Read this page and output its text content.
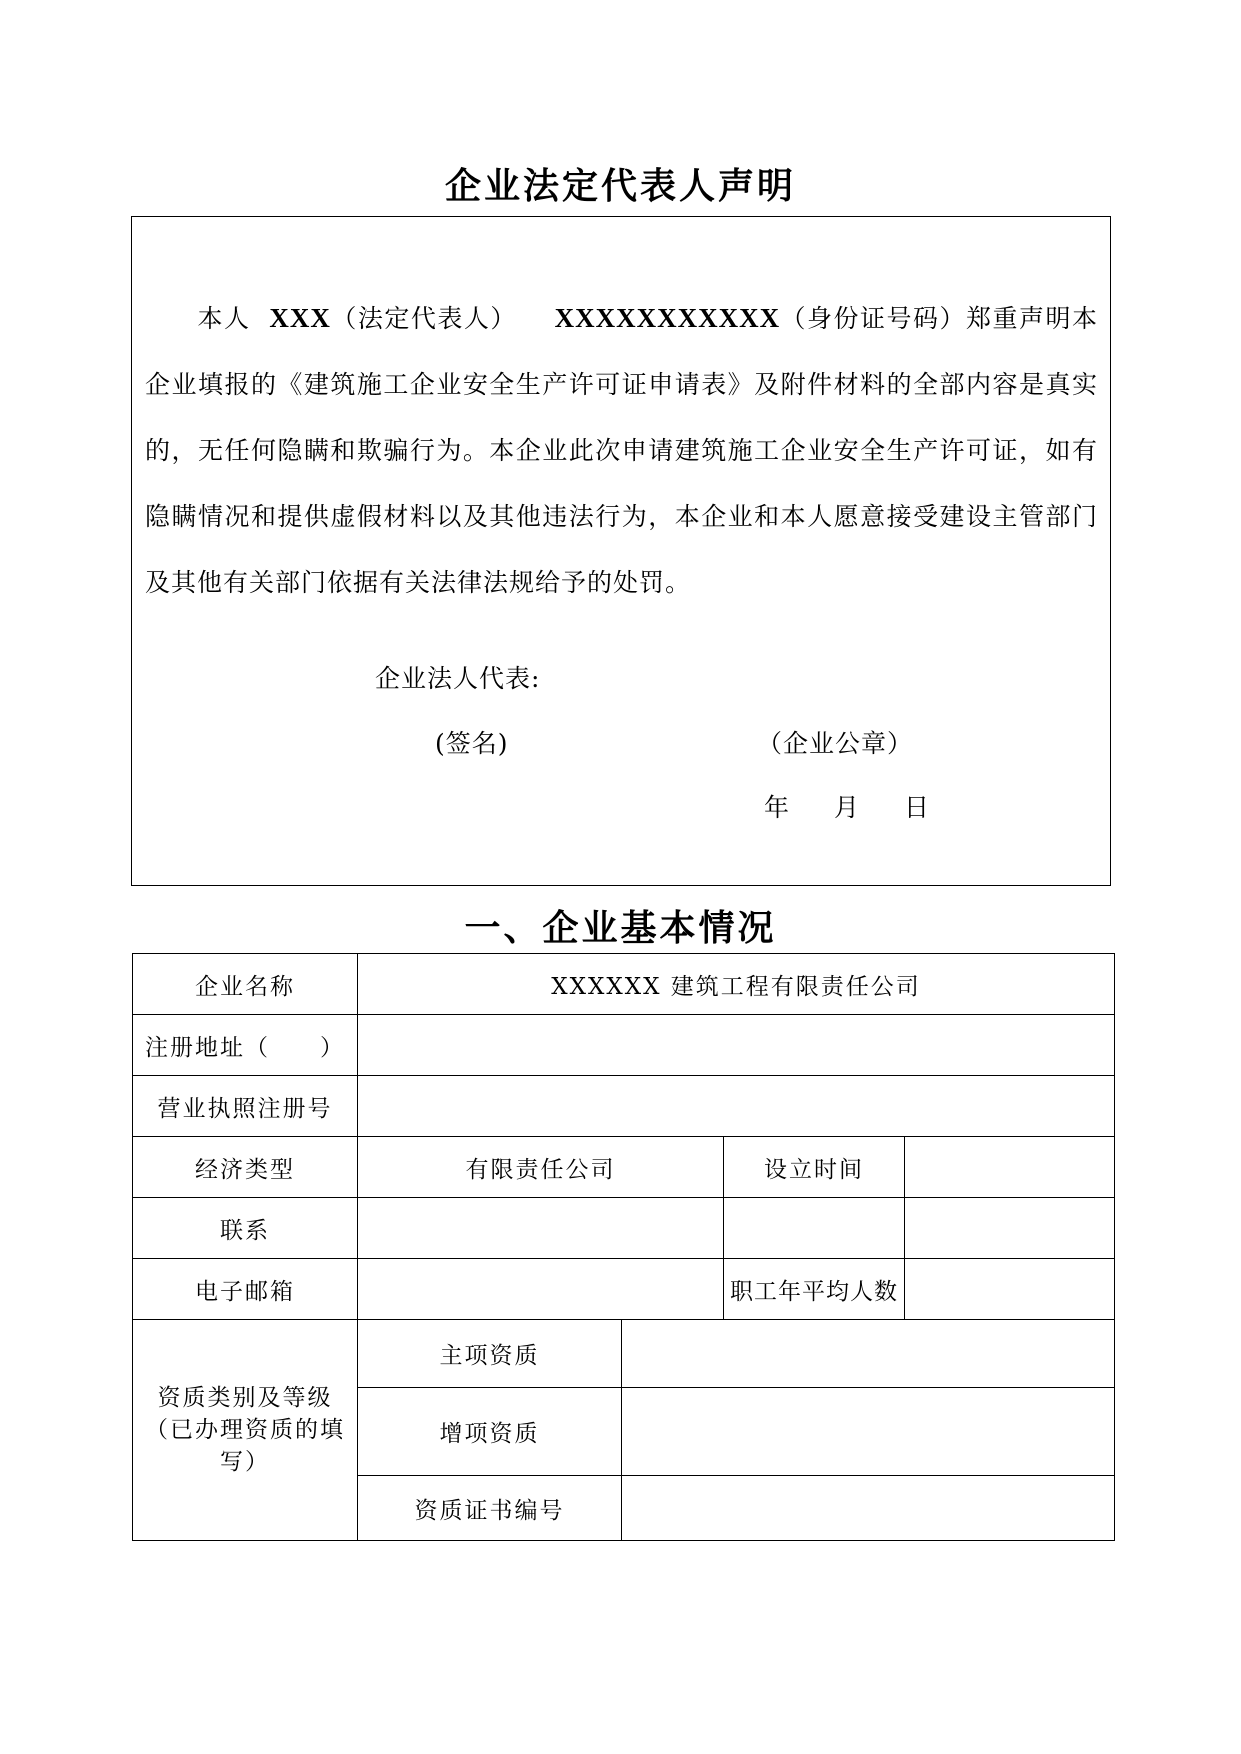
企业法定代表人声明
本人 XXX（法定代表人） XXXXXXXXXXX（身份证号码）郑重声明本企业填报的《建筑施工企业安全生产许可证申请表》及附件材料的全部内容是真实的，无任何隐瞒和欺骗行为。本企业此次申请建筑施工企业安全生产许可证，如有隐瞒情况和提供虚假材料以及其他违法行为，本企业和本人愿意接受建设主管部门及其他有关部门依据有关法律法规给予的处罚。
企业法人代表:
(签名)	（企业公章）
年 月 日
一、企业基本情况
企业名称	XXXXXX 建筑工程有限责任公司			
注册地址（　　）				
营业执照注册号				
经济类型	有限责任公司		设立时间	
联系				
电子邮箱			职工年平均人数	
资质类别及等级（已办理资质的填写）	主项资质			
	增项资质			
	资质证书编号			
